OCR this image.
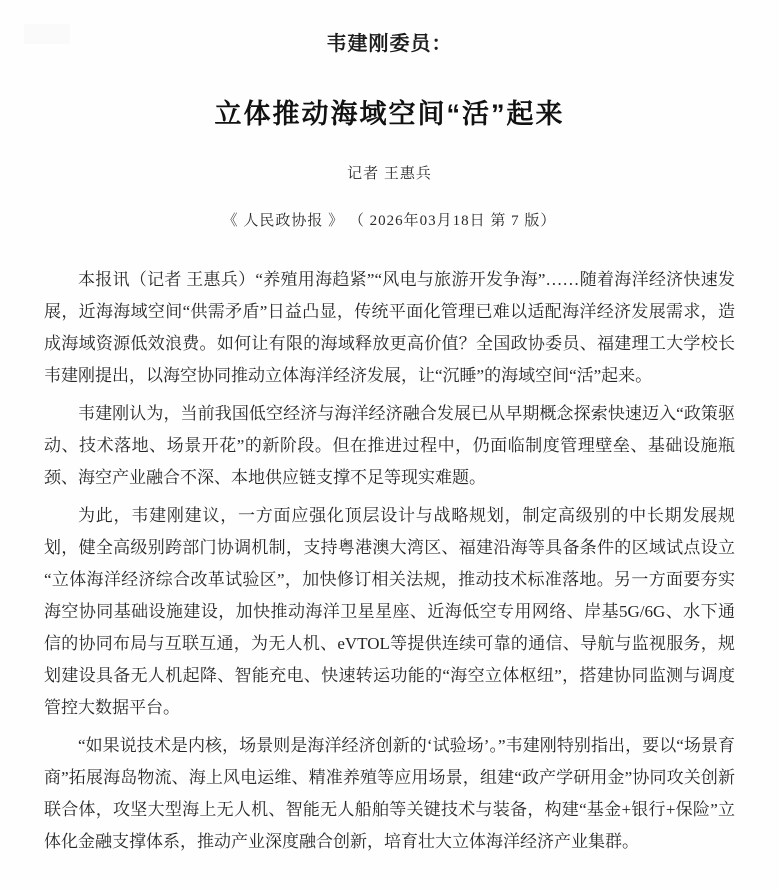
韦建刚委员：
立体推动海域空间“活”起来
记者 王惠兵
《 人民政协报 》 （ 2026年03月18日 第 7 版）

本报讯（记者 王惠兵）“养殖用海趋紧”“风电与旅游开发争海”……随着海洋经济快速发展，近海海域空间“供需矛盾”日益凸显，传统平面化管理已难以适配海洋经济发展需求，造成海域资源低效浪费。如何让有限的海域释放更高价值？全国政协委员、福建理工大学校长韦建刚提出，以海空协同推动立体海洋经济发展，让“沉睡”的海域空间“活”起来。

韦建刚认为，当前我国低空经济与海洋经济融合发展已从早期概念探索快速迈入“政策驱动、技术落地、场景开花”的新阶段。但在推进过程中，仍面临制度管理壁垒、基础设施瓶颈、海空产业融合不深、本地供应链支撑不足等现实难题。

为此，韦建刚建议，一方面应强化顶层设计与战略规划，制定高级别的中长期发展规划，健全高级别跨部门协调机制，支持粤港澳大湾区、福建沿海等具备条件的区域试点设立“立体海洋经济综合改革试验区”，加快修订相关法规，推动技术标准落地。另一方面要夯实海空协同基础设施建设，加快推动海洋卫星星座、近海低空专用网络、岸基5G/6G、水下通信的协同布局与互联互通，为无人机、eVTOL等提供连续可靠的通信、导航与监视服务，规划建设具备无人机起降、智能充电、快速转运功能的“海空立体枢纽”，搭建协同监测与调度管控大数据平台。

“如果说技术是内核，场景则是海洋经济创新的‘试验场’。”韦建刚特别指出，要以“场景育商”拓展海岛物流、海上风电运维、精准养殖等应用场景，组建“政产学研用金”协同攻关创新联合体，攻坚大型海上无人机、智能无人船舶等关键技术与装备，构建“基金+银行+保险”立体化金融支撑体系，推动产业深度融合创新，培育壮大立体海洋经济产业集群。
